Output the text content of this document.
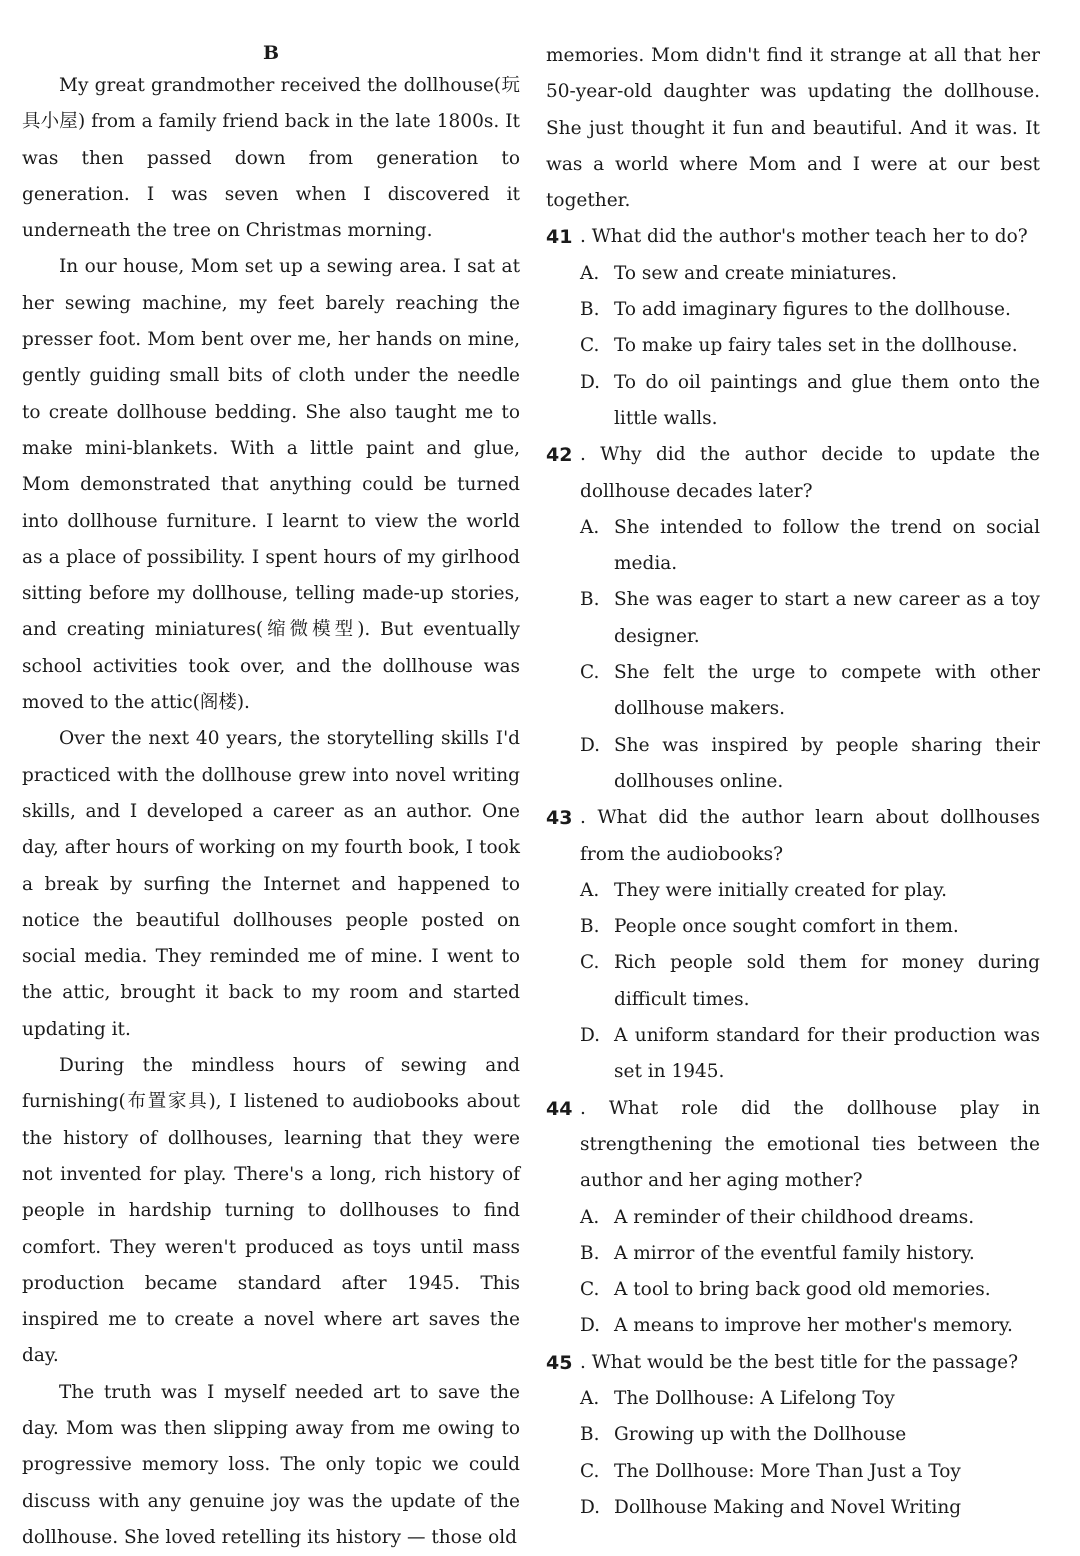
B

My great grandmother received the dollhouse(玩具小屋) from a family friend back in the late 1800s. It was then passed down from generation to generation. I was seven when I discovered it underneath the tree on Christmas morning.

In our house, Mom set up a sewing area. I sat at her sewing machine, my feet barely reaching the presser foot. Mom bent over me, her hands on mine, gently guiding small bits of cloth under the needle to create dollhouse bedding. She also taught me to make mini-blankets. With a little paint and glue, Mom demonstrated that anything could be turned into dollhouse furniture. I learnt to view the world as a place of possibility. I spent hours of my girlhood sitting before my dollhouse, telling made-up stories, and creating miniatures(缩微模型). But eventually school activities took over, and the dollhouse was moved to the attic(阁楼).

Over the next 40 years, the storytelling skills I'd practiced with the dollhouse grew into novel writing skills, and I developed a career as an author. One day, after hours of working on my fourth book, I took a break by surfing the Internet and happened to notice the beautiful dollhouses people posted on social media. They reminded me of mine. I went to the attic, brought it back to my room and started updating it.

During the mindless hours of sewing and furnishing(布置家具), I listened to audiobooks about the history of dollhouses, learning that they were not invented for play. There's a long, rich history of people in hardship turning to dollhouses to find comfort. They weren't produced as toys until mass production became standard after 1945. This inspired me to create a novel where art saves the day.

The truth was I myself needed art to save the day. Mom was then slipping away from me owing to progressive memory loss. The only topic we could discuss with any genuine joy was the update of the dollhouse. She loved retelling its history — those old

memories. Mom didn't find it strange at all that her 50-year-old daughter was updating the dollhouse. She just thought it fun and beautiful. And it was. It was a world where Mom and I were at our best together.

41 . What did the author's mother teach her to do?
A. To sew and create miniatures.
B. To add imaginary figures to the dollhouse.
C. To make up fairy tales set in the dollhouse.
D. To do oil paintings and glue them onto the little walls.
42 . Why did the author decide to update the dollhouse decades later?
A. She intended to follow the trend on social media.
B. She was eager to start a new career as a toy designer.
C. She felt the urge to compete with other dollhouse makers.
D. She was inspired by people sharing their dollhouses online.
43 . What did the author learn about dollhouses from the audiobooks?
A. They were initially created for play.
B. People once sought comfort in them.
C. Rich people sold them for money during difficult times.
D. A uniform standard for their production was set in 1945.
44 . What role did the dollhouse play in strengthening the emotional ties between the author and her aging mother?
A. A reminder of their childhood dreams.
B. A mirror of the eventful family history.
C. A tool to bring back good old memories.
D. A means to improve her mother's memory.
45 . What would be the best title for the passage?
A. The Dollhouse: A Lifelong Toy
B. Growing up with the Dollhouse
C. The Dollhouse: More Than Just a Toy
D. Dollhouse Making and Novel Writing
